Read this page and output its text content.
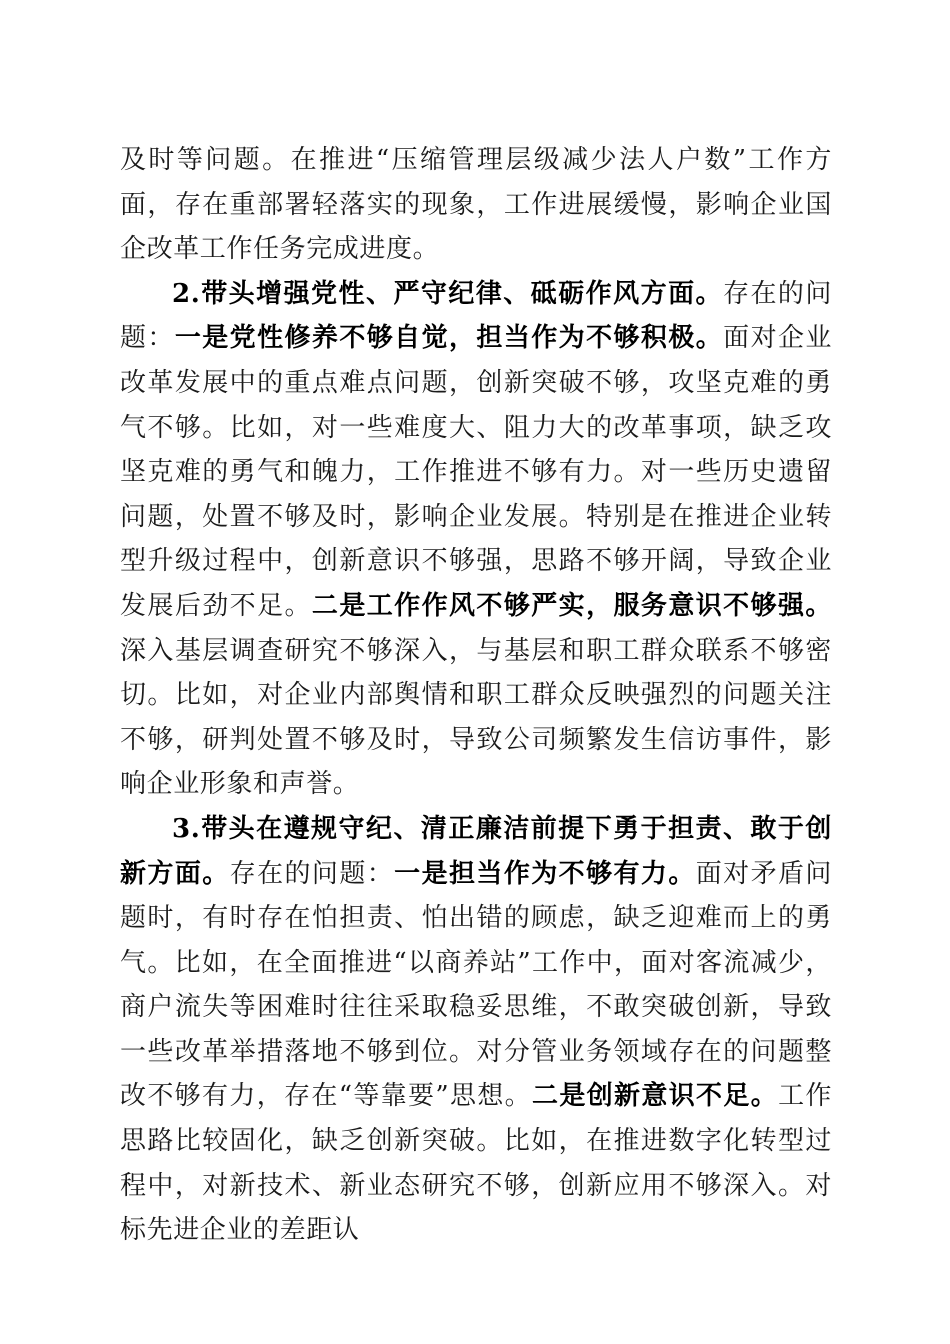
及时等问题。在推进“压缩管理层级减少法人户数”工作方面，存在重部署轻落实的现象，工作进展缓慢，影响企业国企改革工作任务完成进度。

2.带头增强党性、严守纪律、砥砺作风方面。存在的问题：一是党性修养不够自觉，担当作为不够积极。面对企业改革发展中的重点难点问题，创新突破不够，攻坚克难的勇气不够。比如，对一些难度大、阻力大的改革事项，缺乏攻坚克难的勇气和魄力，工作推进不够有力。对一些历史遗留问题，处置不够及时，影响企业发展。特别是在推进企业转型升级过程中，创新意识不够强，思路不够开阔，导致企业发展后劲不足。二是工作作风不够严实，服务意识不够强。深入基层调查研究不够深入，与基层和职工群众联系不够密切。比如，对企业内部舆情和职工群众反映强烈的问题关注不够，研判处置不够及时，导致公司频繁发生信访事件，影响企业形象和声誉。

3.带头在遵规守纪、清正廉洁前提下勇于担责、敢于创新方面。存在的问题：一是担当作为不够有力。面对矛盾问题时，有时存在怕担责、怕出错的顾虑，缺乏迎难而上的勇气。比如，在全面推进“以商养站”工作中，面对客流减少，商户流失等困难时往往采取稳妥思维，不敢突破创新，导致一些改革举措落地不够到位。对分管业务领域存在的问题整改不够有力，存在“等靠要”思想。二是创新意识不足。工作思路比较固化，缺乏创新突破。比如，在推进数字化转型过程中，对新技术、新业态研究不够，创新应用不够深入。对标先进企业的差距认
